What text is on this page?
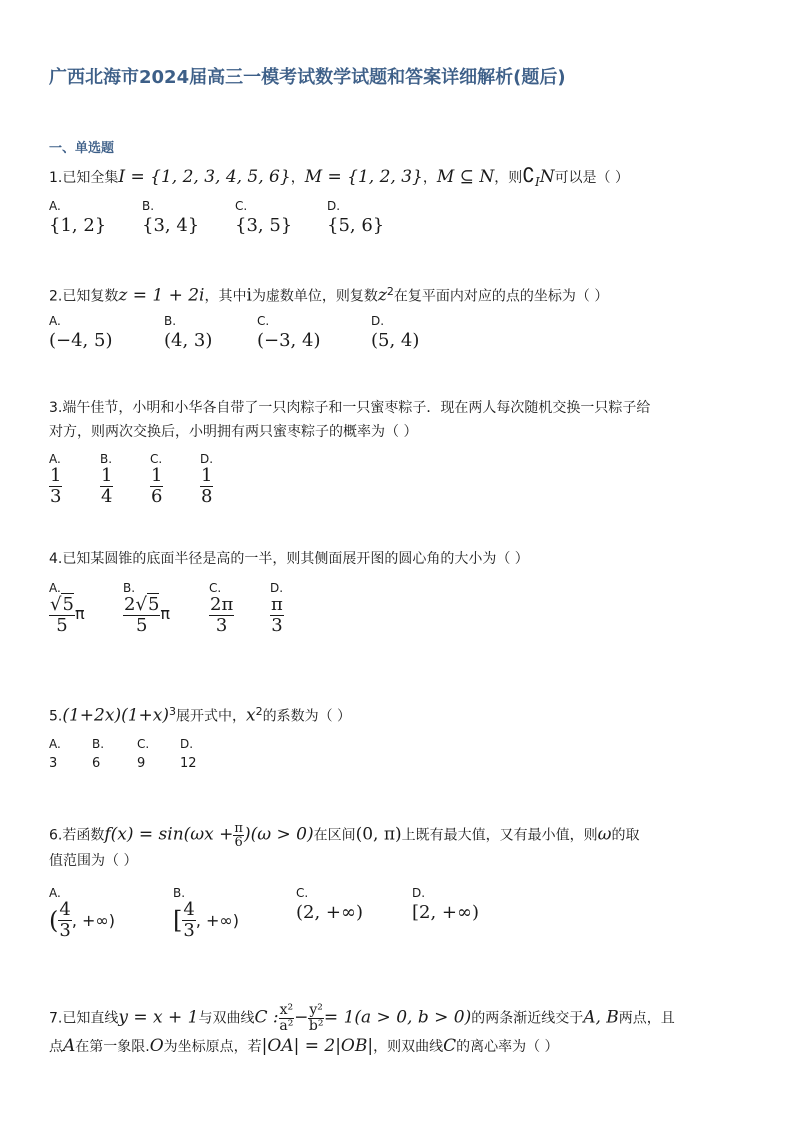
广西北海市2024届高三一模考试数学试题和答案详细解析(题后)
一、单选题
1.已知全集I = {1, 2, 3, 4, 5, 6}，M = {1, 2, 3}，M ⊆ N，则$∁_IN$可以是（ ）
A.
{1, 2}
B.
{3, 4}
C.
{3, 5}
D.
{5, 6}
2.已知复数z = 1 + 2i，其中i为虚数单位，则复数$z^2$在复平面内对应的点的坐标为（ ）
A.
(−4, 5)
B.
(4, 3)
C.
(−3, 4)
D.
(5, 4)
3.端午佳节，小明和小华各自带了一只肉粽子和一只蜜枣粽子．现在两人每次随机交换一只粽子给
对方，则两次交换后，小明拥有两只蜜枣粽子的概率为（ ）
A.
$\frac{1}{3}$
B.
$\frac{1}{4}$
C.
$\frac{1}{6}$
D.
$\frac{1}{8}$
4.已知某圆锥的底面半径是高的一半，则其侧面展开图的圆心角的大小为（ ）
A.
$\frac{√5}{5}$ π
B.
$\frac{2√5}{5}$ π
C.
$\frac{2\pi}{3}$
D.
$\frac{\pi}{3}$
$5.(1+2x)(1+x)^3$展开式中，$x^2$的系数为（ ）
A.
3
B.
6
C.
9
D.
12
6.若函数$f(x) = \sin(\omega x + \frac{\pi}{6} )(\omega > 0)$在区间(0, π)上既有最大值，又有最小值，则ω的取
值范围为（ ）
A.
( $\frac{4}{3}$ , +∞)
B.
[ $\frac{4}{3}$ , +∞)
C.
(2, +∞)
D.
[2, +∞)
7.已知直线y = x + 1与双曲线C : $\frac{\text{x²}}{\text{a²}} - \frac{\text{y²}}{\text{b²}} = 1(a > 0$, b > 0)的两条渐近线交于A, B两点，且
点A在第一象限.O为坐标原点，若|OA| = 2|OB|，则双曲线C的离心率为（ ）
